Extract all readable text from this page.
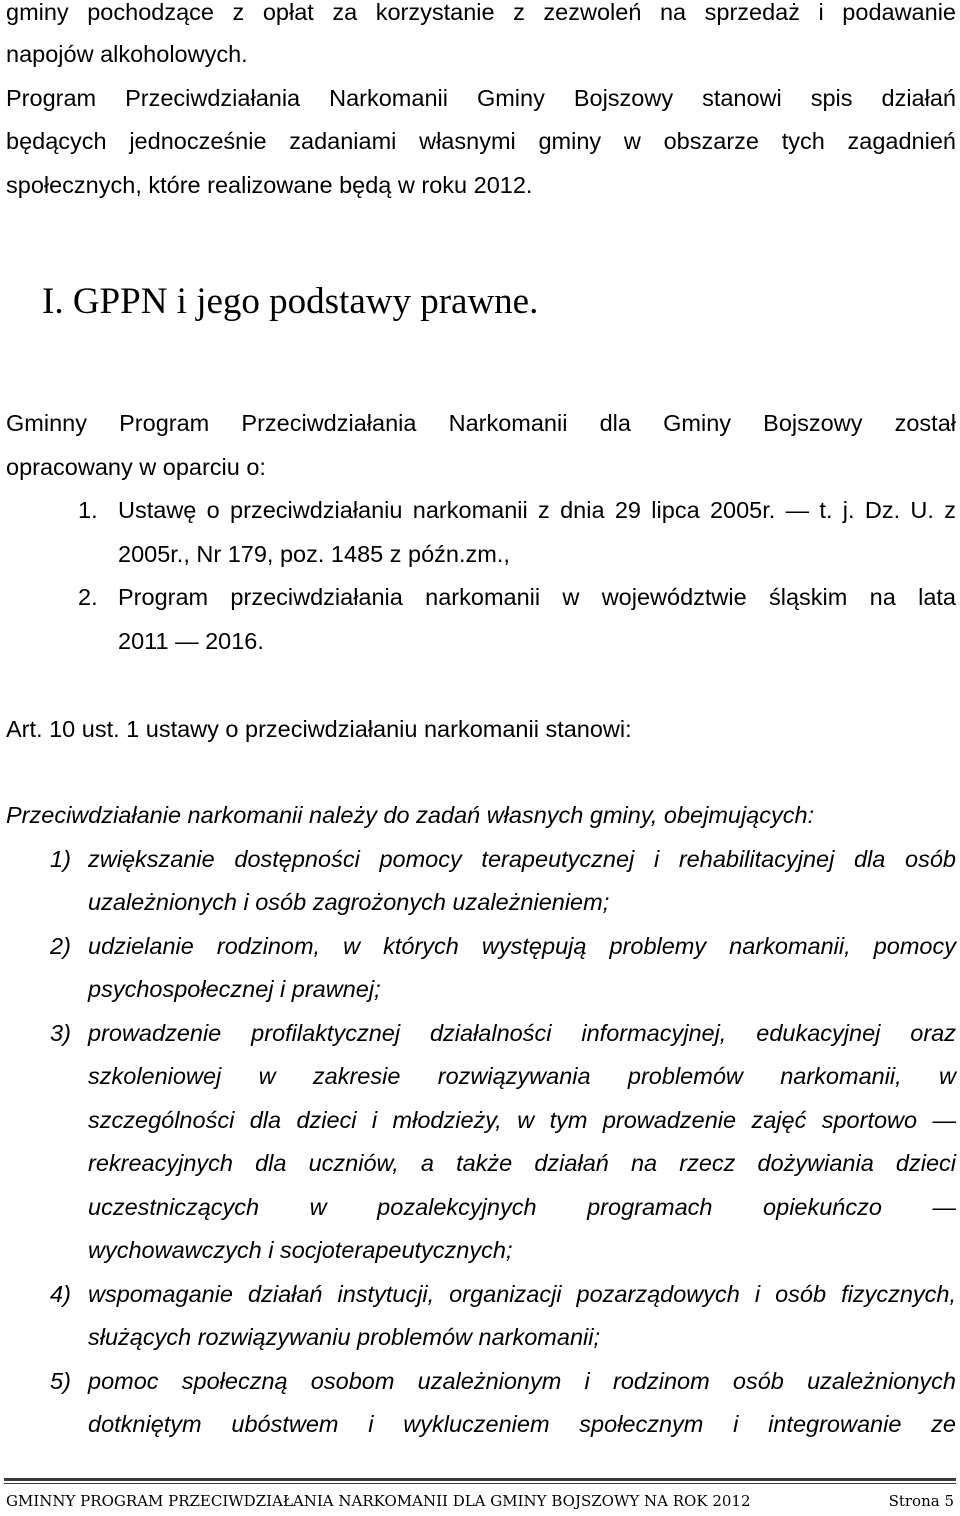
gminy pochodzące z opłat za korzystanie z zezwoleń na sprzedaż i podawanie
napojów alkoholowych.
Program Przeciwdziałania Narkomanii Gminy Bojszowy stanowi spis działań
będących jednocześnie zadaniami własnymi gminy w obszarze tych zagadnień
społecznych, które realizowane będą w roku 2012.
I. GPPN i jego podstawy prawne.
Gminny Program Przeciwdziałania Narkomanii dla Gminy Bojszowy został
opracowany w oparciu o:
1. Ustawę o przeciwdziałaniu narkomanii z dnia 29 lipca 2005r. — t. j. Dz. U. z
2005r., Nr 179, poz. 1485 z późn.zm.,
2. Program przeciwdziałania narkomanii w województwie śląskim na lata
2011 — 2016.
Art. 10 ust. 1 ustawy o przeciwdziałaniu narkomanii stanowi:
Przeciwdziałanie narkomanii należy do zadań własnych gminy, obejmujących:
1) zwiększanie dostępności pomocy terapeutycznej i rehabilitacyjnej dla osób
uzależnionych i osób zagrożonych uzależnieniem;
2) udzielanie rodzinom, w których występują problemy narkomanii, pomocy
psychospołecznej i prawnej;
3) prowadzenie profilaktycznej działalności informacyjnej, edukacyjnej oraz
szkoleniowej w zakresie rozwiązywania problemów narkomanii, w
szczególności dla dzieci i młodzieży, w tym prowadzenie zajęć sportowo —
rekreacyjnych dla uczniów, a także działań na rzecz dożywiania dzieci
uczestniczących w pozalekcyjnych programach opiekuńczo —
wychowawczych i socjoterapeutycznych;
4) wspomaganie działań instytucji, organizacji pozarządowych i osób fizycznych,
służących rozwiązywaniu problemów narkomanii;
5) pomoc społeczną osobom uzależnionym i rodzinom osób uzależnionych
dotkniętym ubóstwem i wykluczeniem społecznym i integrowanie ze
GMINNY PROGRAM PRZECIWDZIAŁANIA NARKOMANII DLA GMINY BOJSZOWY NA ROK 2012	Strona 5
